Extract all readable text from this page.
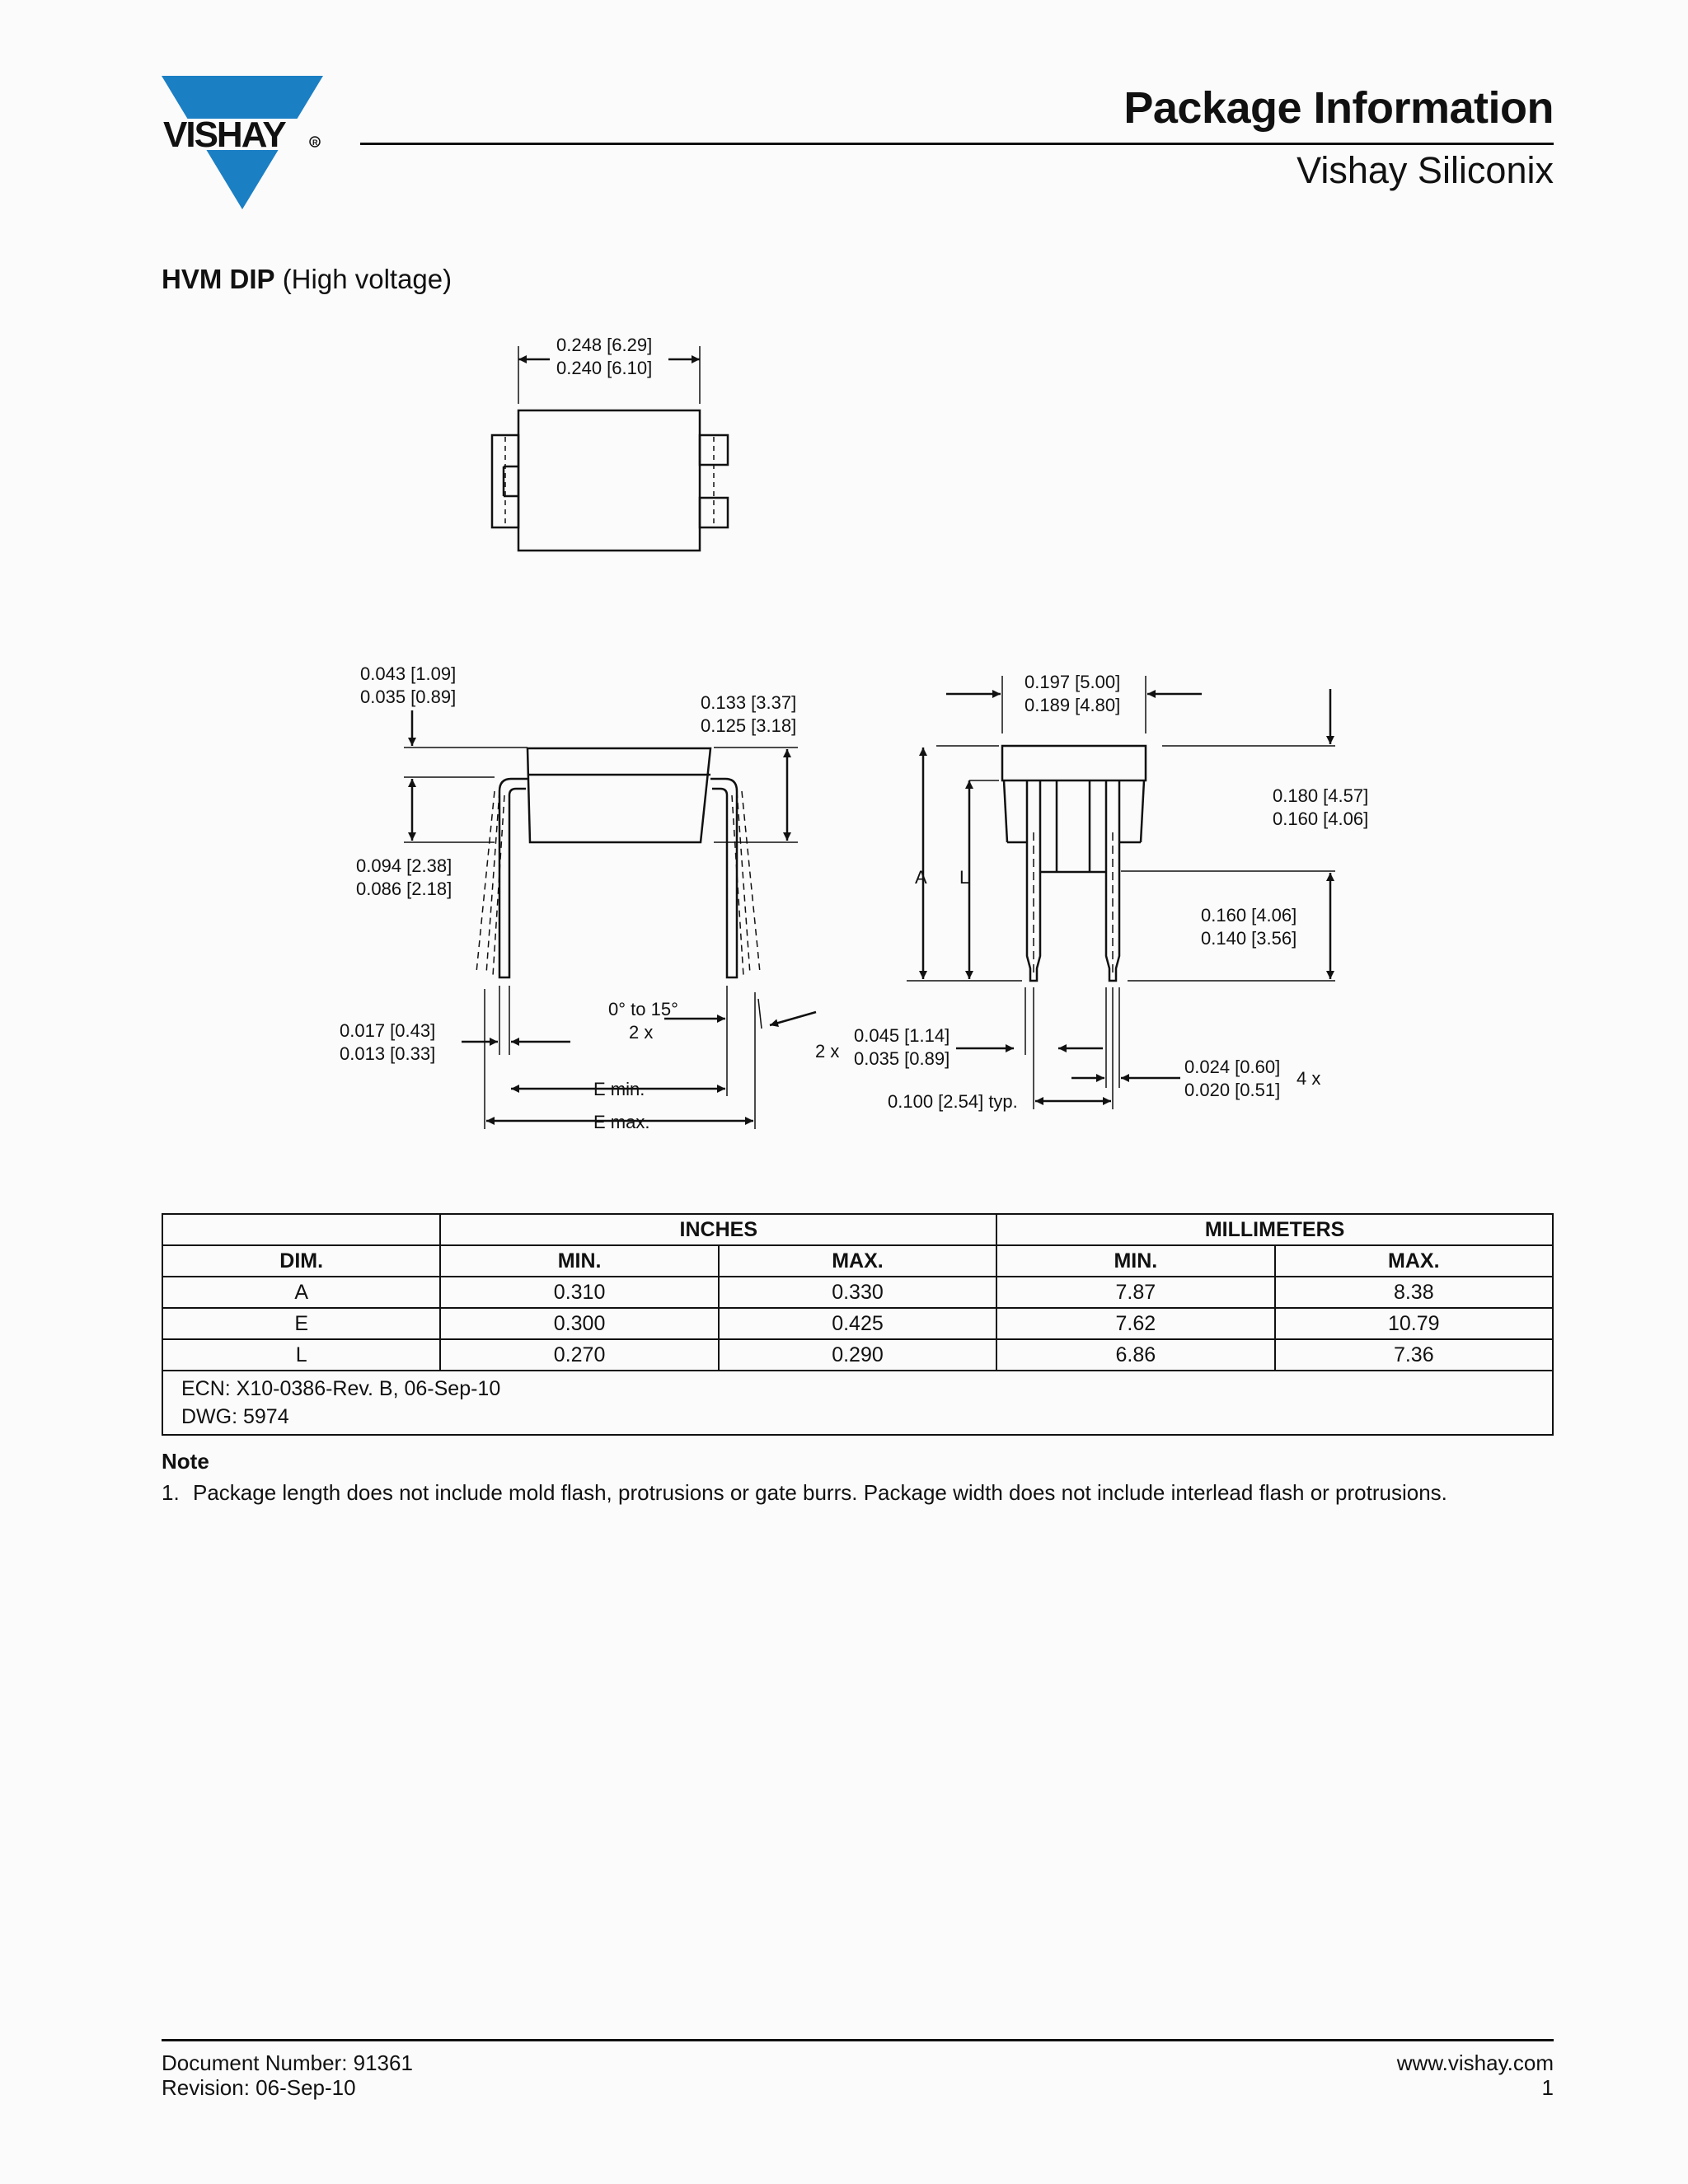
VISHAY	R
Package Information
Vishay Siliconix
HVM DIP (High voltage)
0.248 [6.29]
0.240 [6.10]
0.043 [1.09]
0.035 [0.89]	0.133 [3.37]
0.125 [3.18]
0.094 [2.38]
0.086 [2.18]
0.017 [0.43]
0.013 [0.33]
0° to 15°
2 x
E min.
E max.
0.197 [5.00]
0.189 [4.80]
0.180 [4.57]
0.160 [4.06]
A L
0.160 [4.06]
0.140 [3.56]
2 x
0.045 [1.14]
0.035 [0.89]	0.024 [0.60]
0.020 [0.51]
4 x
0.100 [2.54] typ.
	INCHES		MILLIMETERS	
DIM.	MIN.	MAX.	MIN.	MAX.
A	0.310	0.330	7.87	8.38
E	0.300	0.425	7.62	10.79
L	0.270	0.290	6.86	7.36

ECN: X10-0386-Rev. B, 06-Sep-10
DWG: 5974				
Note
1. Package length does not include mold flash, protrusions or gate burrs. Package width does not include interlead flash or protrusions.
Document Number: 91361
Revision: 06-Sep-10
www.vishay.com
1
